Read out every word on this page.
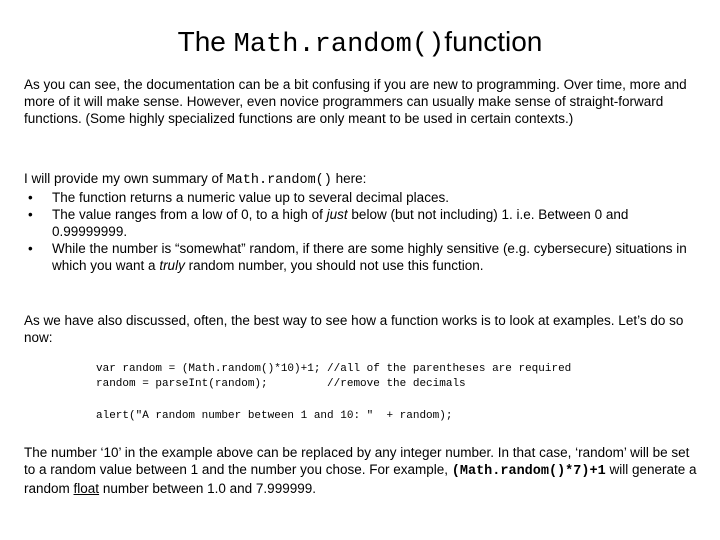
The Math.random()function
As you can see, the documentation can be a bit confusing if you are new to programming. Over time, more and more of it will make sense. However, even novice programmers can usually make sense of straight-forward functions. (Some highly specialized functions are only meant to be used in certain contexts.)
I will provide my own summary of Math.random() here:
• The function returns a numeric value up to several decimal places.
• The value ranges from a low of 0, to a high of just below (but not including) 1. i.e. Between 0 and 0.99999999.
• While the number is “somewhat” random, if there are some highly sensitive (e.g. cybersecure) situations in which you want a truly random number, you should not use this function.
As we have also discussed, often, the best way to see how a function works is to look at examples. Let’s do so now:
var random = (Math.random()*10)+1; //all of the parentheses are required
random = parseInt(random);         //remove the decimals
alert("A random number between 1 and 10: "  + random);
The number ‘10’ in the example above can be replaced by any integer number. In that case, ‘random’ will be set to a random value between 1 and the number you chose. For example, (Math.random()*7)+1 will generate a random float number between 1.0 and 7.999999.
